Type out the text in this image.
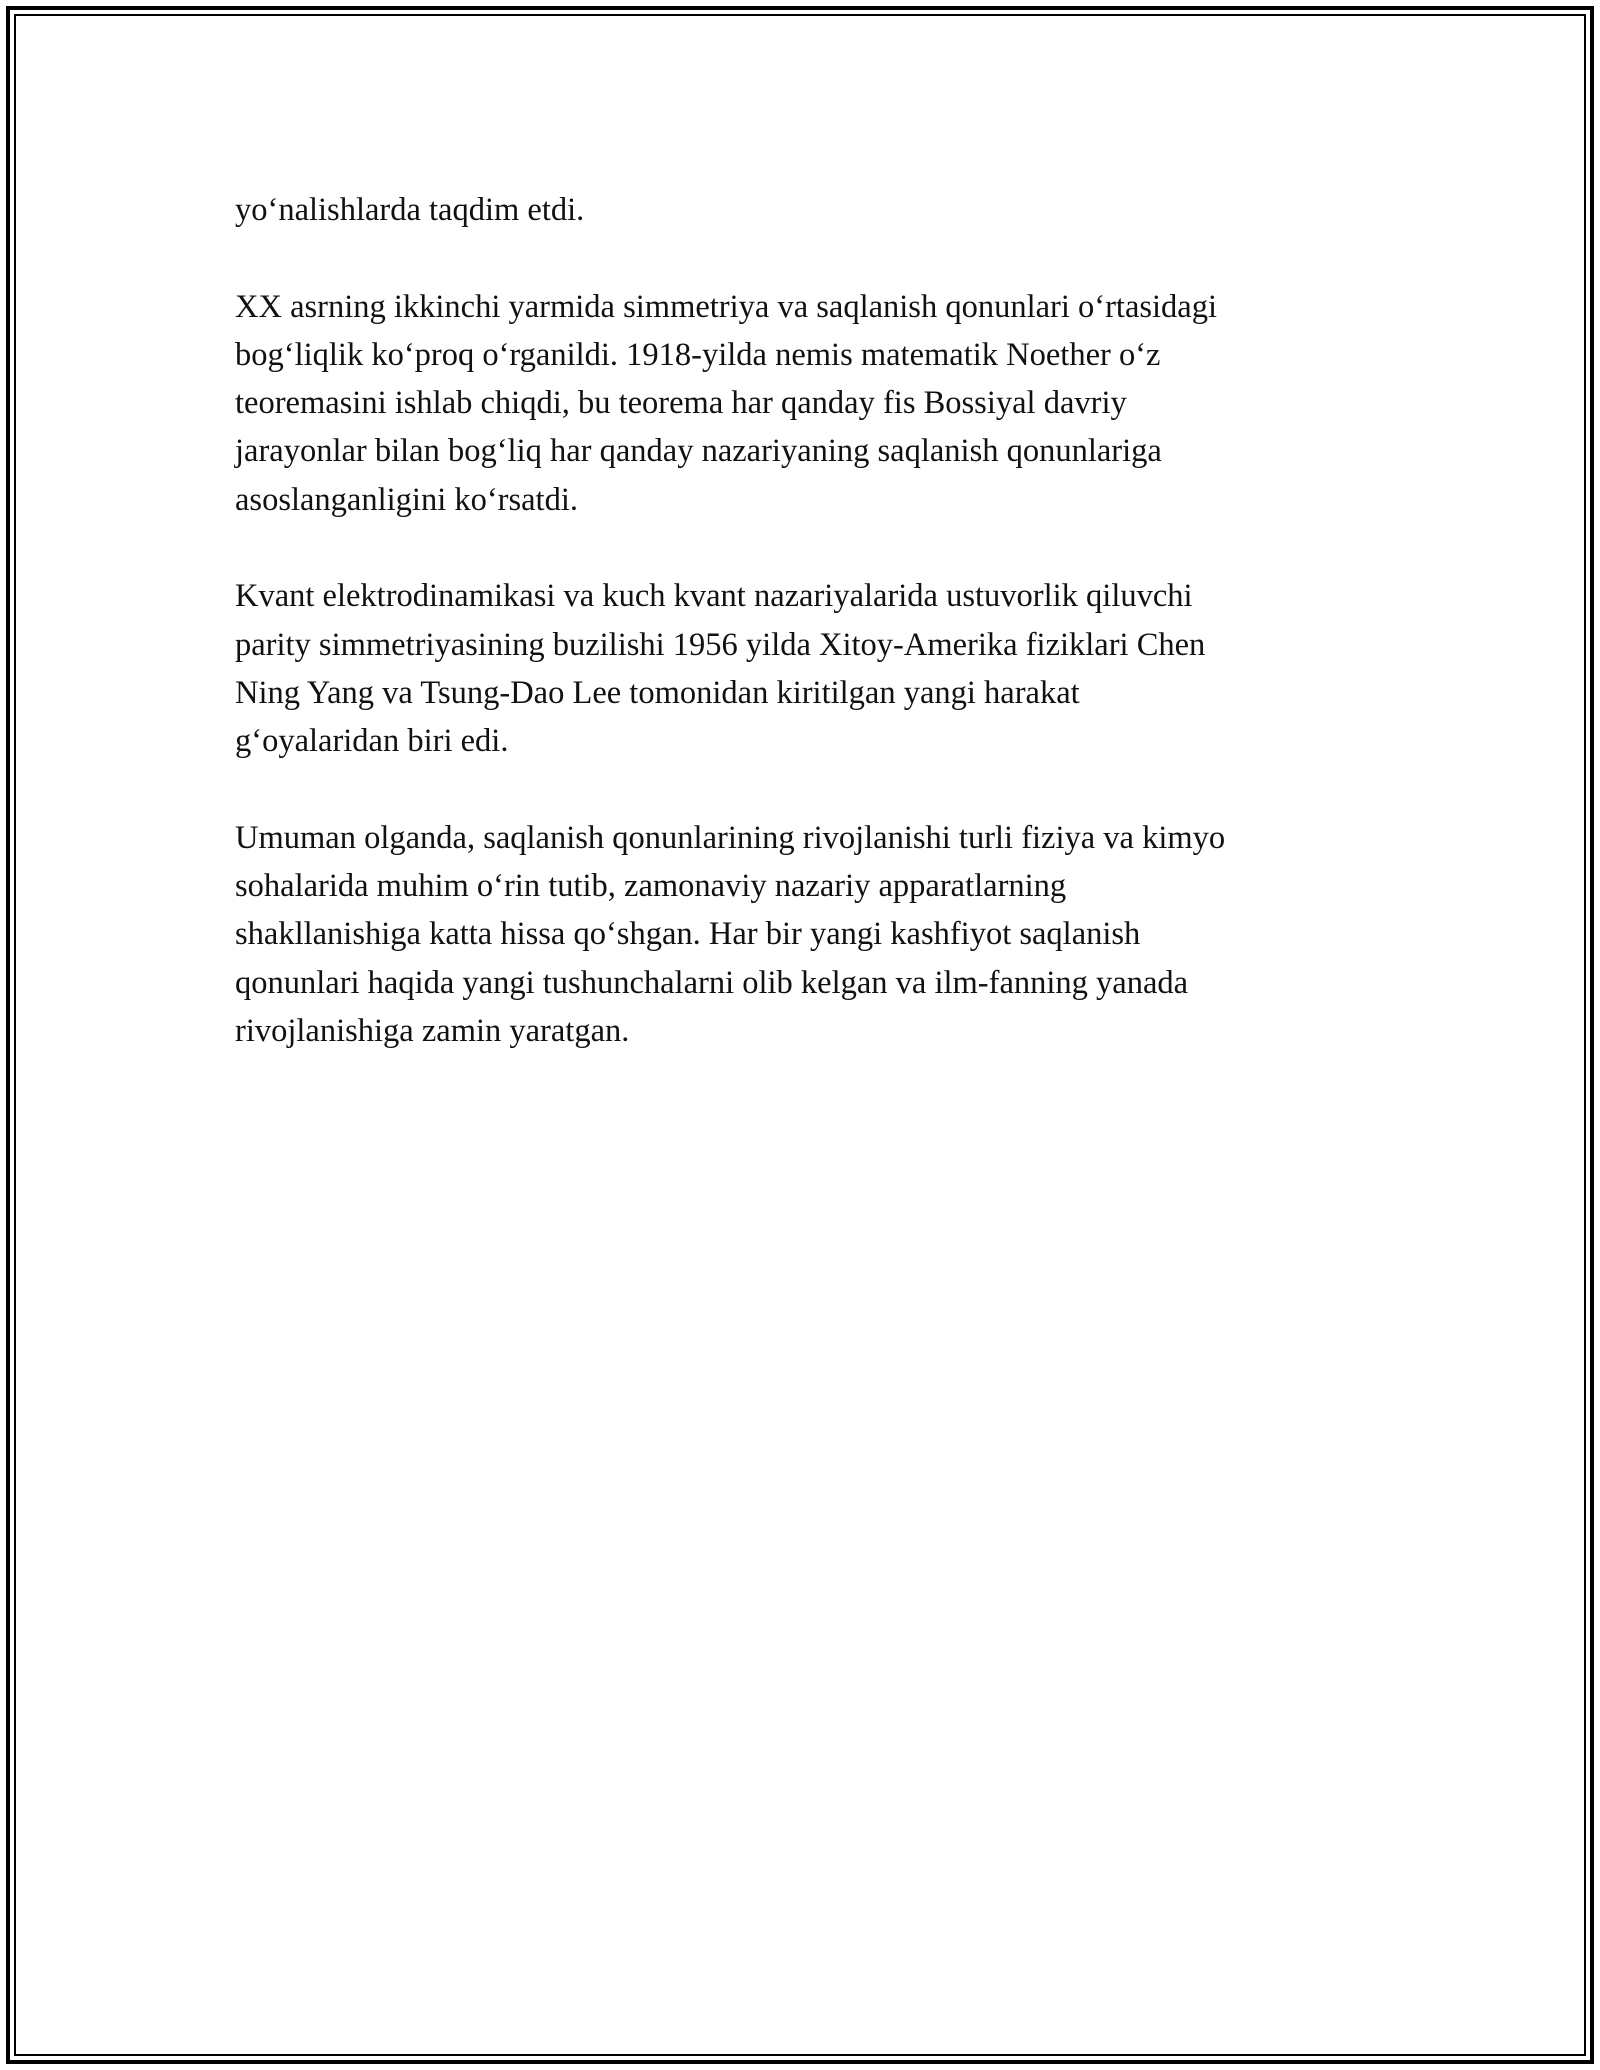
yo‘nalishlarda taqdim etdi.

XX asrning ikkinchi yarmida simmetriya va saqlanish qonunlari o‘rtasidagi
bog‘liqlik ko‘proq o‘rganildi. 1918-yilda nemis matematik Noether o‘z
teoremasini ishlab chiqdi, bu teorema har qanday fis Bossiyal davriy
jarayonlar bilan bog‘liq har qanday nazariyaning saqlanish qonunlariga
asoslanganligini ko‘rsatdi.

Kvant elektrodinamikasi va kuch kvant nazariyalarida ustuvorlik qiluvchi
parity simmetriyasining buzilishi 1956 yilda Xitoy-Amerika fiziklari Chen
Ning Yang va Tsung-Dao Lee tomonidan kiritilgan yangi harakat
g‘oyalaridan biri edi.

Umuman olganda, saqlanish qonunlarining rivojlanishi turli fiziya va kimyo
sohalarida muhim o‘rin tutib, zamonaviy nazariy apparatlarning
shakllanishiga katta hissa qo‘shgan. Har bir yangi kashfiyot saqlanish
qonunlari haqida yangi tushunchalarni olib kelgan va ilm-fanning yanada
rivojlanishiga zamin yaratgan.
